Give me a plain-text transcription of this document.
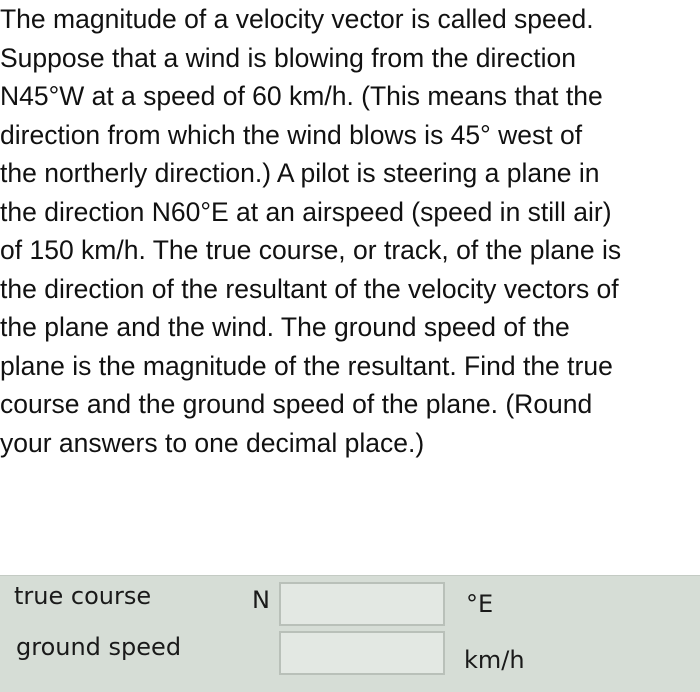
The magnitude of a velocity vector is called speed.
Suppose that a wind is blowing from the direction
N45°W at a speed of 60 km/h. (This means that the
direction from which the wind blows is 45° west of
the northerly direction.) A pilot is steering a plane in
the direction N60°E at an airspeed (speed in still air)
of 150 km/h. The true course, or track, of the plane is
the direction of the resultant of the velocity vectors of
the plane and the wind. The ground speed of the
plane is the magnitude of the resultant. Find the true
course and the ground speed of the plane. (Round
your answers to one decimal place.)
true course	N	°E
ground speed	km/h
